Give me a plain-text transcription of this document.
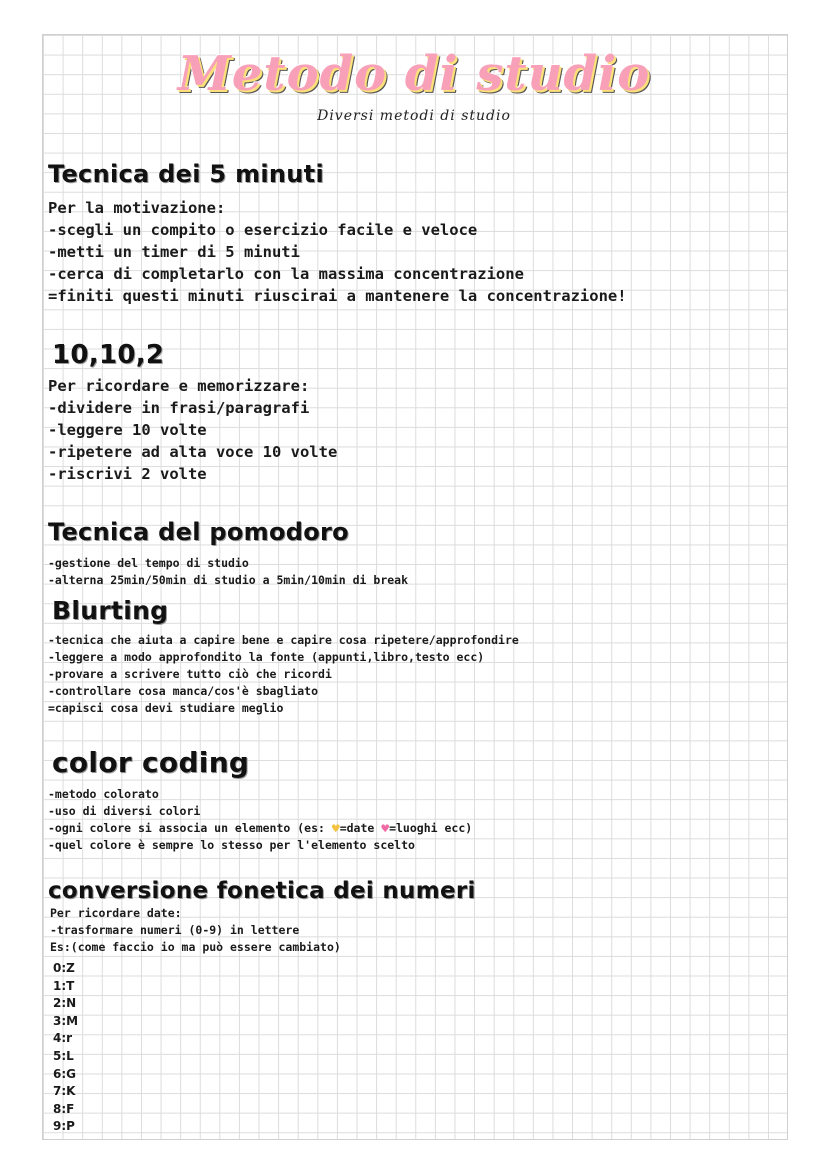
Metodo di studio
Diversi metodi di studio
Tecnica dei 5 minuti
Per la motivazione:
-scegli un compito o esercizio facile e veloce
-metti un timer di 5 minuti
-cerca di completarlo con la massima concentrazione
=finiti questi minuti riuscirai a mantenere la concentrazione!
10,10,2
Per ricordare e memorizzare:
-dividere in frasi/paragrafi
-leggere 10 volte
-ripetere ad alta voce 10 volte
-riscrivi 2 volte
Tecnica del pomodoro
-gestione del tempo di studio
-alterna 25min/50min di studio a 5min/10min di break
Blurting
-tecnica che aiuta a capire bene e capire cosa ripetere/approfondire
-leggere a modo approfondito la fonte (appunti,libro,testo ecc)
-provare a scrivere tutto ciò che ricordi
-controllare cosa manca/cos'è sbagliato
=capisci cosa devi studiare meglio
color coding
-metodo colorato
-uso di diversi colori
-ogni colore si associa un elemento (es: ♥=date ♥=luoghi ecc)
-quel colore è sempre lo stesso per l'elemento scelto
conversione fonetica dei numeri
Per ricordare date:
-trasformare numeri (0-9) in lettere
Es:(come faccio io ma può essere cambiato)
0:Z
1:T
2:N
3:M
4:r
5:L
6:G
7:K
8:F
9:P
